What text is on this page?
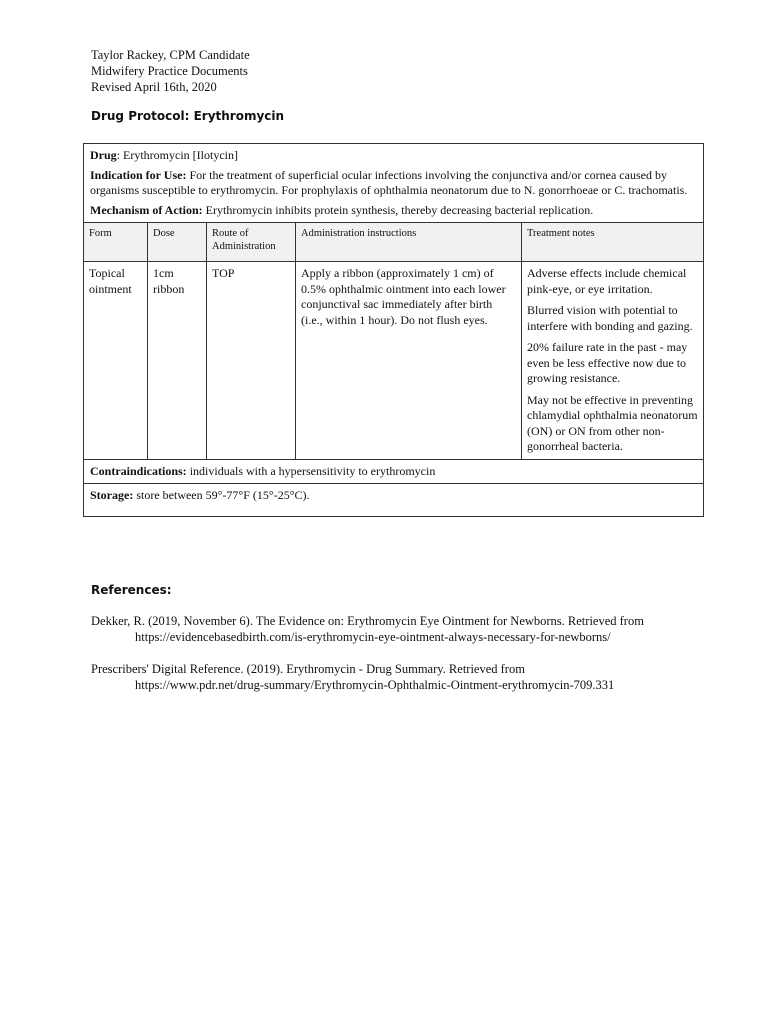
Taylor Rackey, CPM Candidate
Midwifery Practice Documents
Revised April 16th, 2020
Drug Protocol: Erythromycin

Drug: Erythromycin [Ilotycin]

Indication for Use: For the treatment of superficial ocular infections involving the conjunctiva and/or cornea caused by organisms susceptible to erythromycin. For prophylaxis of ophthalmia neonatorum due to N. gonorrhoeae or C. trachomatis.

Mechanism of Action: Erythromycin inhibits protein synthesis, thereby decreasing bacterial replication.				

Form	Dose	Route of Administration	Administration instructions	Treatment notes
Topical ointment	1cm ribbon	TOP	Apply a ribbon (approximately 1 cm) of 0.5% ophthalmic ointment into each lower conjunctival sac immediately after birth (i.e., within 1 hour). Do not flush eyes.	Adverse effects include chemical pink-eye, or eye irritation.

Blurred vision with potential to interfere with bonding and gazing.

20% failure rate in the past - may even be less effective now due to growing resistance.

May not be effective in preventing chlamydial ophthalmia neonatorum (ON) or ON from other non-gonorrheal bacteria.

Contraindications: individuals with a hypersensitivity to erythromycin				
Storage: store between 59°-77°F (15°-25°C).				
References:
Dekker, R. (2019, November 6). The Evidence on: Erythromycin Eye Ointment for Newborns. Retrieved from
https://evidencebasedbirth.com/is-erythromycin-eye-ointment-always-necessary-for-newborns/
Prescribers' Digital Reference. (2019). Erythromycin - Drug Summary. Retrieved from
https://www.pdr.net/drug-summary/Erythromycin-Ophthalmic-Ointment-erythromycin-709.331
